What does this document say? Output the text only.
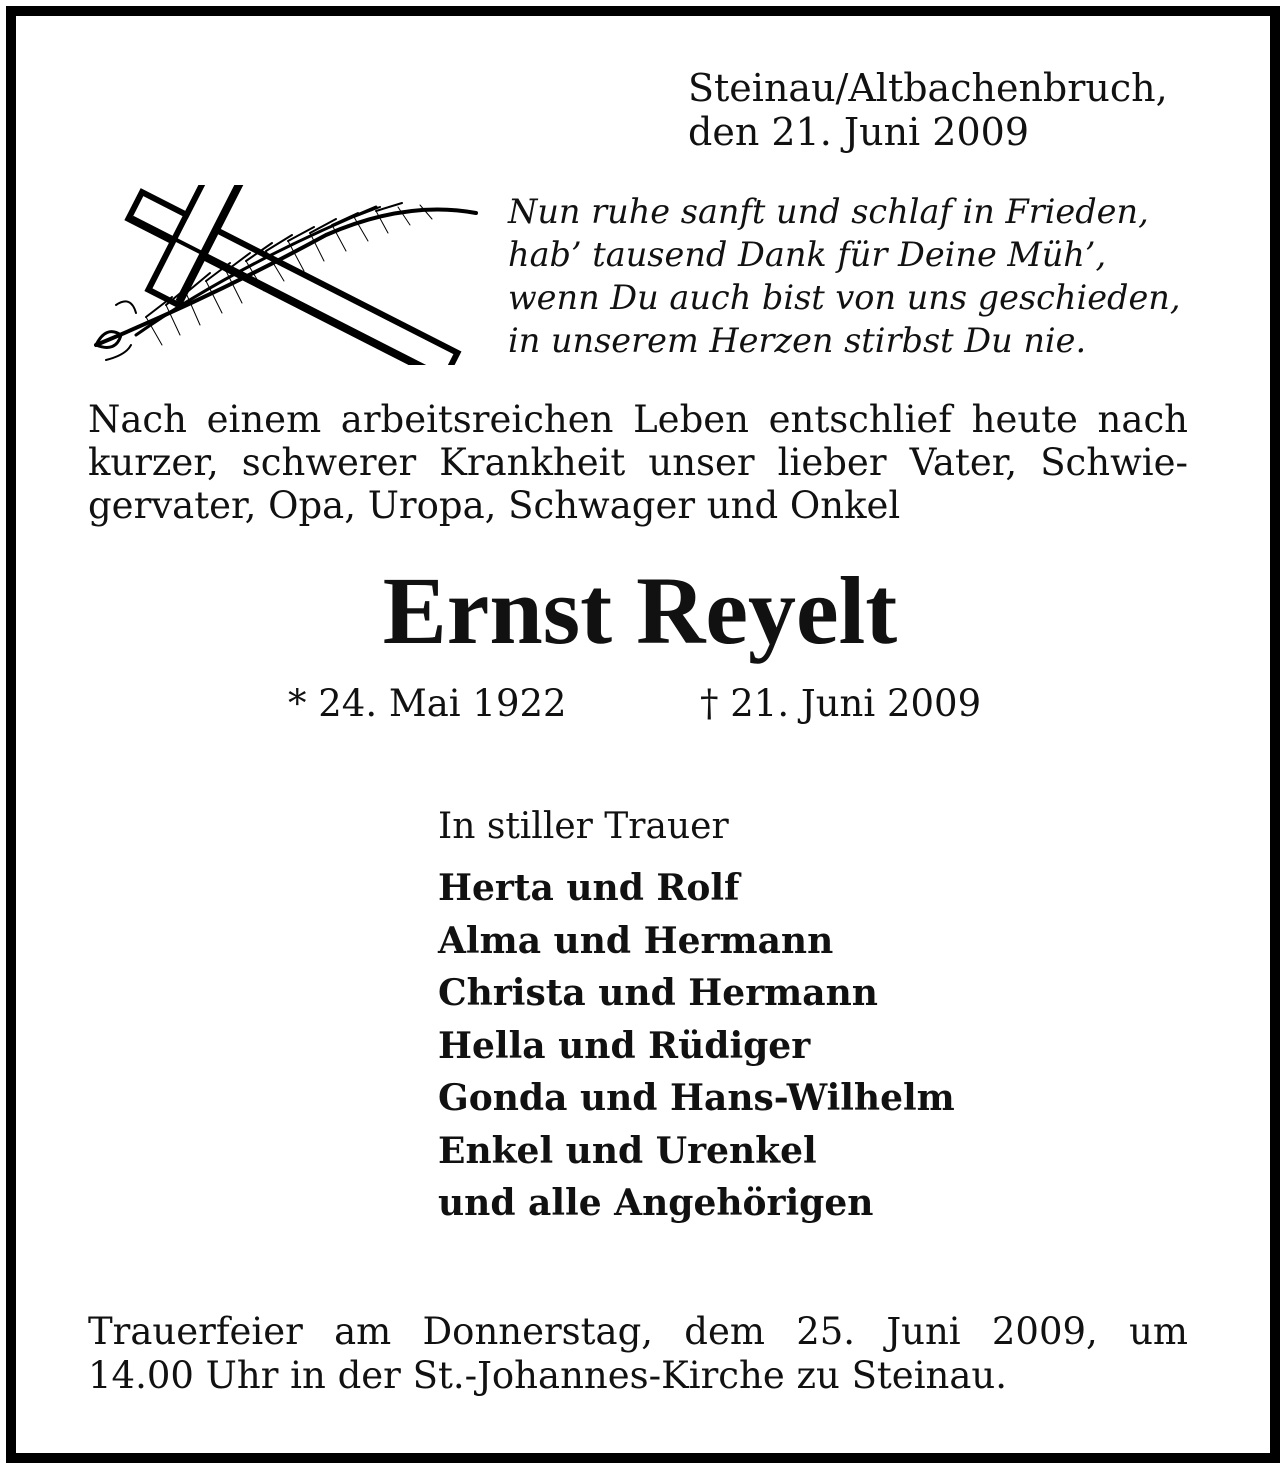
Steinau/Altbachenbruch,
den 21. Juni 2009
Nun ruhe sanft und schlaf in Frieden,
hab’ tausend Dank für Deine Müh’,
wenn Du auch bist von uns geschieden,
in unserem Herzen stirbst Du nie.
Nach einem arbeitsreichen Leben entschlief heute nach
kurzer, schwerer Krankheit unser lieber Vater, Schwie-
gervater, Opa, Uropa, Schwager und Onkel
Ernst Reyelt
* 24. Mai 1922	† 21. Juni 2009
In stiller Trauer
Herta und Rolf
Alma und Hermann
Christa und Hermann
Hella und Rüdiger
Gonda und Hans-Wilhelm
Enkel und Urenkel
und alle Angehörigen
Trauerfeier am Donnerstag, dem 25. Juni 2009, um
14.00 Uhr in der St.-Johannes-Kirche zu Steinau.
